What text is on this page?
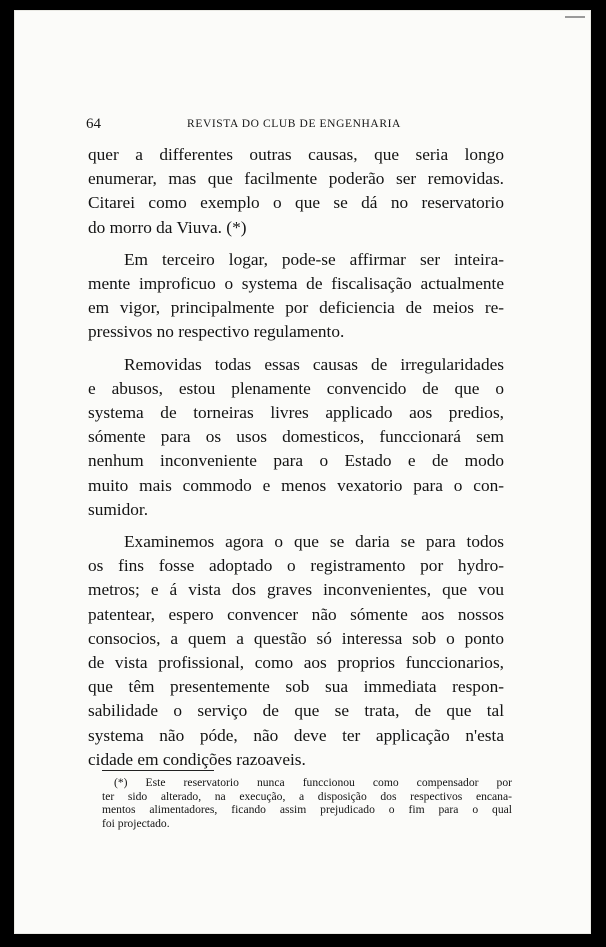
64	REVISTA DO CLUB DE ENGENHARIA

quer a differentes outras causas, que seria longo
enumerar, mas que facilmente poderão ser removidas.
Citarei como exemplo o que se dá no reservatorio
do morro da Viuva. (*)

Em terceiro logar, pode-se affirmar ser inteira-
mente improficuo o systema de fiscalisação actualmente
em vigor, principalmente por deficiencia de meios re-
pressivos no respectivo regulamento.

Removidas todas essas causas de irregularidades
e abusos, estou plenamente convencido de que o
systema de torneiras livres applicado aos predios,
sómente para os usos domesticos, funccionará sem
nenhum inconveniente para o Estado e de modo
muito mais commodo e menos vexatorio para o con-
sumidor.

Examinemos agora o que se daria se para todos
os fins fosse adoptado o registramento por hydro-
metros; e á vista dos graves inconvenientes, que vou
patentear, espero convencer não sómente aos nossos
consocios, a quem a questão só interessa sob o ponto
de vista profissional, como aos proprios funccionarios,
que têm presentemente sob sua immediata respon-
sabilidade o serviço de que se trata, de que tal
systema não póde, não deve ter applicação n'esta
cidade em condições razoaveis.

(*) Este reservatorio nunca funccionou como compensador por
ter sido alterado, na execução, a disposição dos respectivos encana-
mentos alimentadores, ficando assim prejudicado o fim para o qual
foi projectado.
